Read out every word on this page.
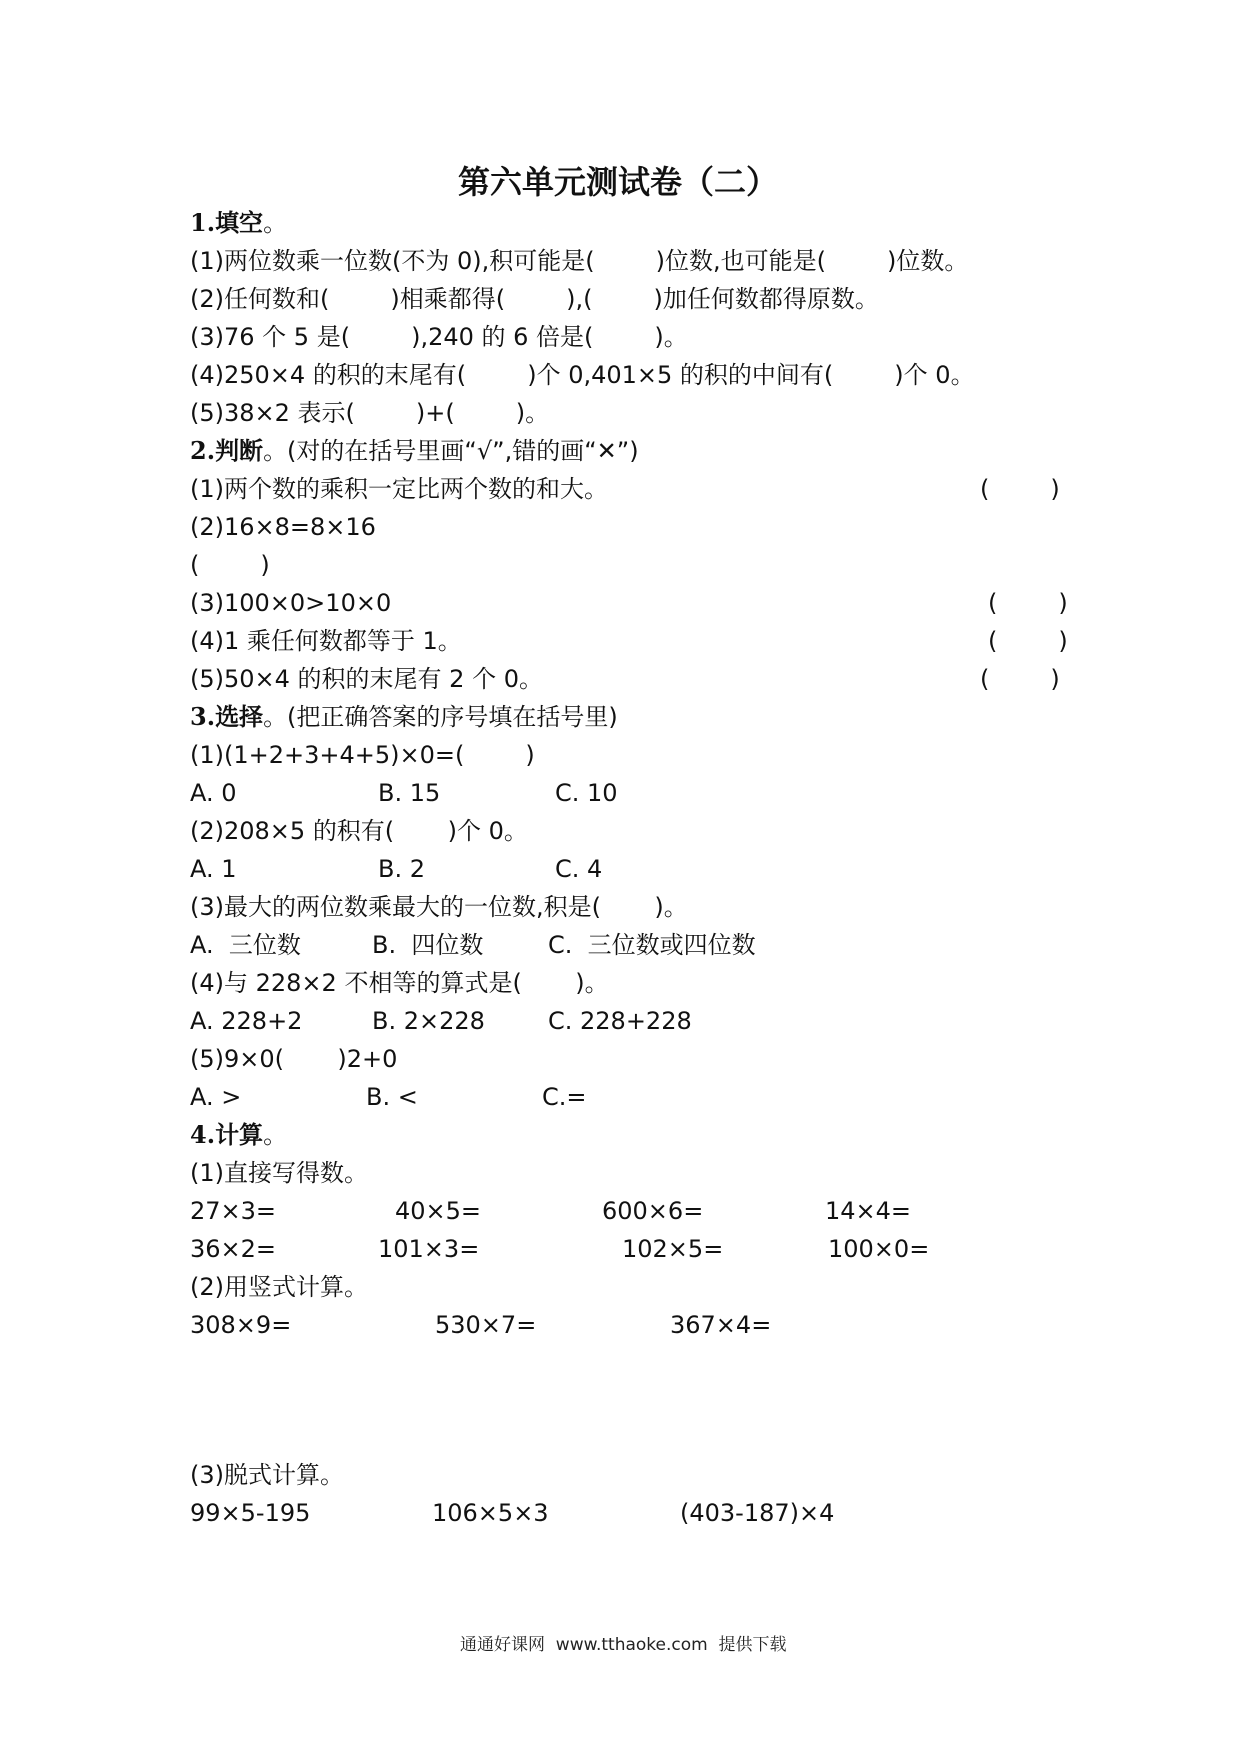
第六单元测试卷（二）
1.填空。
(1)两位数乘一位数(不为 0),积可能是(        )位数,也可能是(        )位数。
(2)任何数和(        )相乘都得(        ),(        )加任何数都得原数。
(3)76 个 5 是(        ),240 的 6 倍是(        )。
(4)250×4 的积的末尾有(        )个 0,401×5 的积的中间有(        )个 0。
(5)38×2 表示(        )+(        )。
2.判断。(对的在括号里画“√”,错的画“✕”)
(1)两个数的乘积一定比两个数的和大。	(        )
(2)16×8=8×16
(        )
(3)100×0>10×0	(        )
(4)1 乘任何数都等于 1。	(        )
(5)50×4 的积的末尾有 2 个 0。	(        )
3.选择。(把正确答案的序号填在括号里)
(1)(1+2+3+4+5)×0=(        )
A. 0	B. 15	C. 10
(2)208×5 的积有(       )个 0。
A. 1	B. 2	C. 4
(3)最大的两位数乘最大的一位数,积是(       )。
A.  三位数	B.  四位数	C.  三位数或四位数
(4)与 228×2 不相等的算式是(       )。
A. 228+2	B. 2×228	C. 228+228
(5)9×0(       )2+0
A. >	B. <	C.=
4.计算。
(1)直接写得数。
27×3=	40×5=	600×6=	14×4=
36×2=	101×3=	102×5=	100×0=
(2)用竖式计算。
308×9=	530×7=	367×4=
(3)脱式计算。
99×5-195	106×5×3	(403-187)×4
通通好课网  www.tthaoke.com  提供下载
